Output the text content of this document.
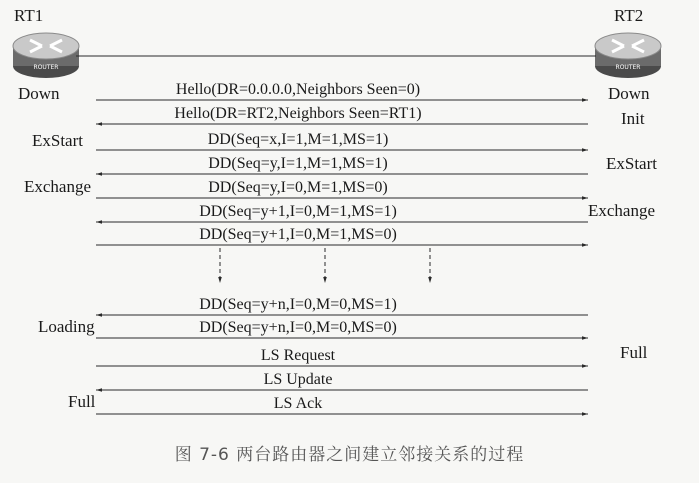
ROUTER	ROUTER
RT1	RT2
Down
ExStart
Exchange
Loading
Full
Down
Init
ExStart
Exchange
Full
Hello(DR=0.0.0.0,Neighbors Seen=0)
Hello(DR=RT2,Neighbors Seen=RT1)
DD(Seq=x,I=1,M=1,MS=1)
DD(Seq=y,I=1,M=1,MS=1)
DD(Seq=y,I=0,M=1,MS=0)
DD(Seq=y+1,I=0,M=1,MS=1)
DD(Seq=y+1,I=0,M=1,MS=0)
DD(Seq=y+n,I=0,M=0,MS=1)
DD(Seq=y+n,I=0,M=0,MS=0)
LS Request
LS Update
LS Ack
图 7-6 两台路由器之间建立邻接关系的过程
